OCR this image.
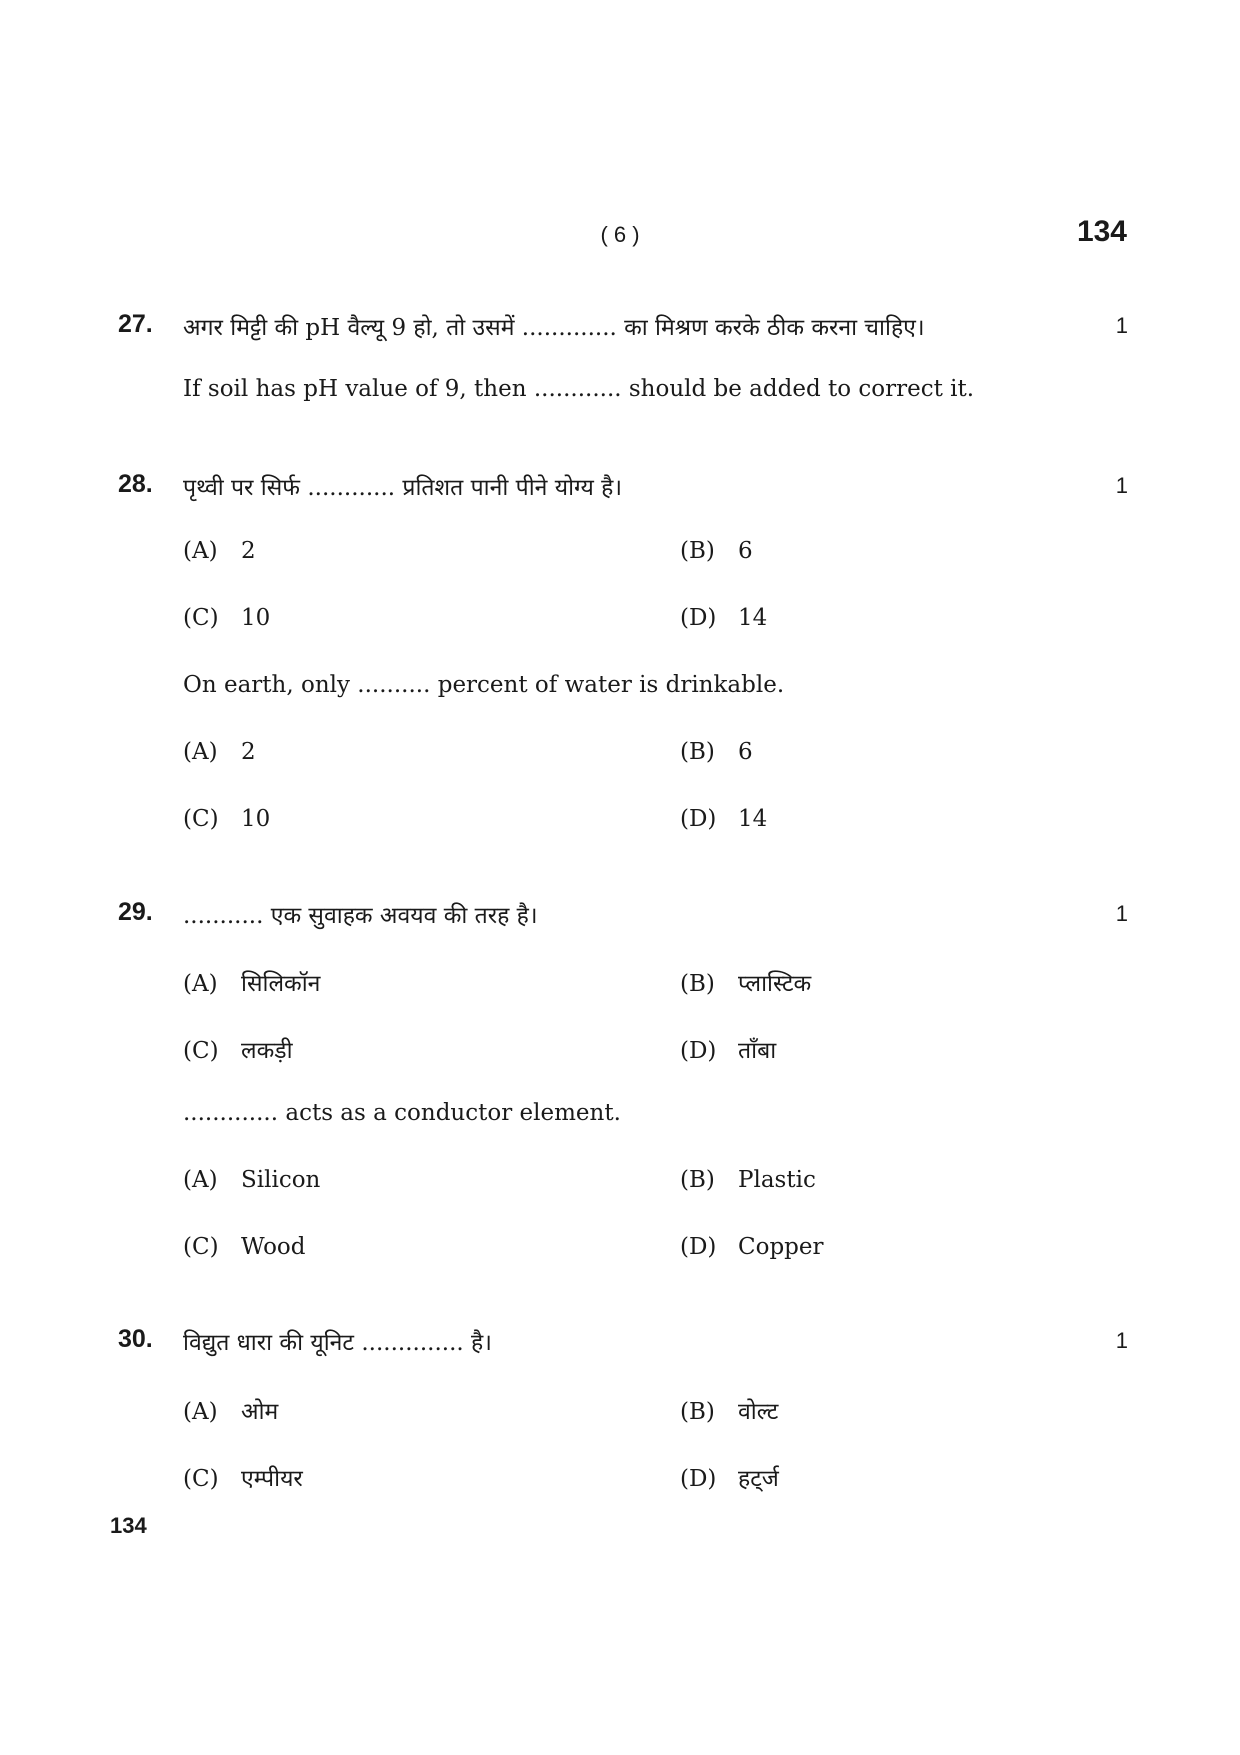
( 6 )	134
27. अगर मिट्टी की pH वैल्यू 9 हो, तो उसमें ............. का मिश्रण करके ठीक करना चाहिए।	1
If soil has pH value of 9, then ............ should be added to correct it.
28. पृथ्वी पर सिर्फ ............ प्रतिशत पानी पीने योग्य है।	1
(A) 2	(B) 6
(C) 10	(D) 14
On earth, only .......... percent of water is drinkable.
(A) 2	(B) 6
(C) 10	(D) 14
29. ........... एक सुवाहक अवयव की तरह है।	1
(A) सिलिकॉन	(B) प्लास्टिक
(C) लकड़ी	(D) ताँबा
............. acts as a conductor element.
(A) Silicon	(B) Plastic
(C) Wood	(D) Copper
30. विद्युत धारा की यूनिट .............. है।	1
(A) ओम	(B) वोल्ट
(C) एम्पीयर	(D) हट्‌र्ज
134
